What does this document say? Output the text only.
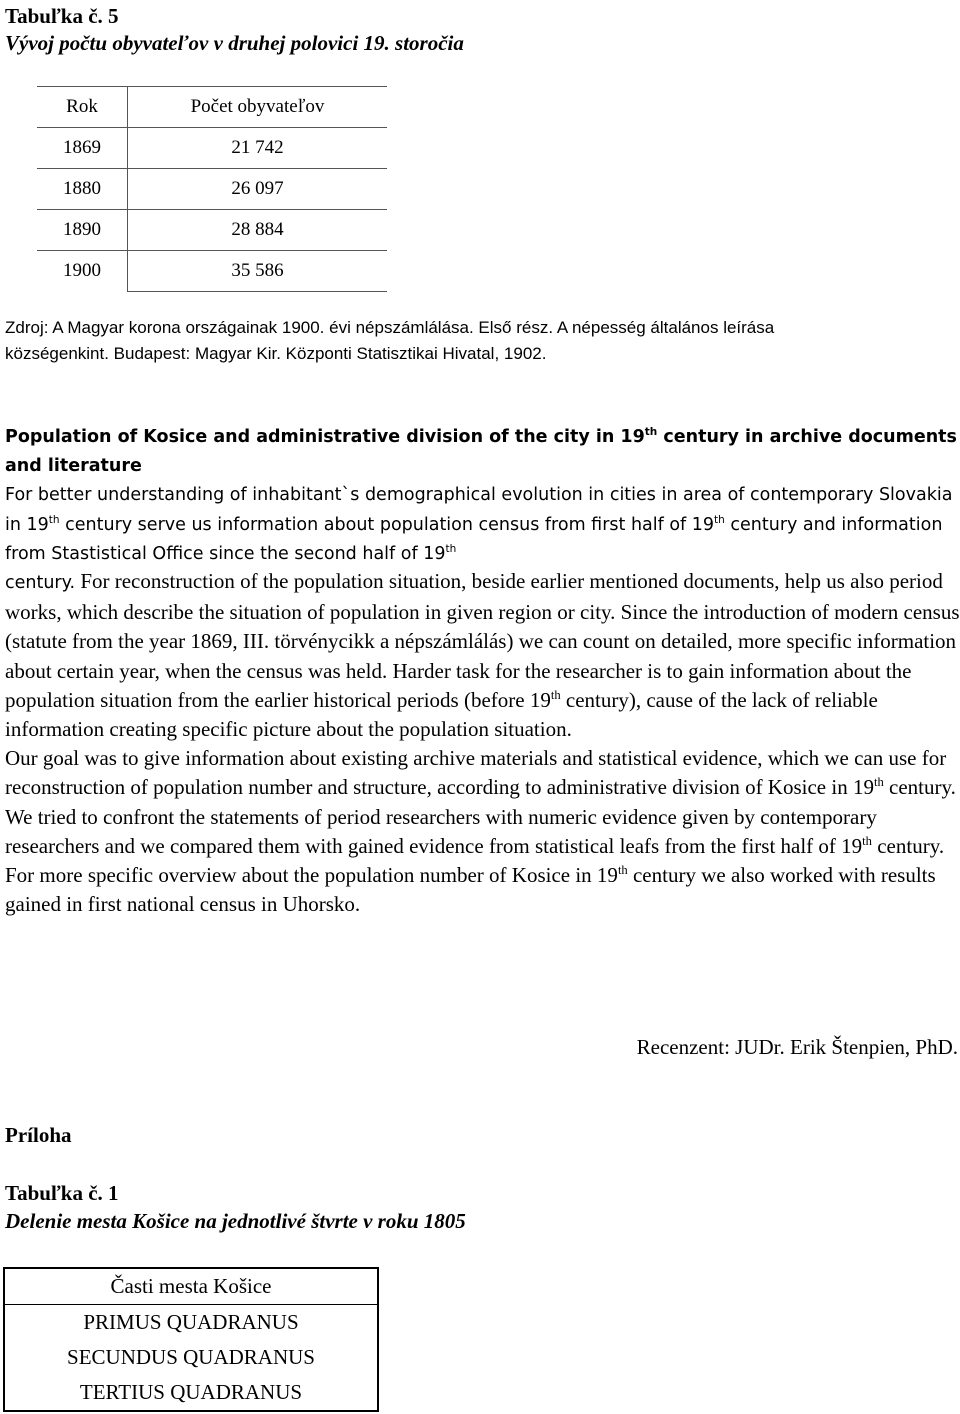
Tabuľka č. 5
Vývoj počtu obyvateľov v druhej polovici 19. storočia
Rok	Počet obyvateľov
1869	21 742
1880	26 097
1890	28 884
1900	35 586
Zdroj: A Magyar korona országainak 1900. évi népszámlálása. Első rész. A népesség általános leírása
községenkint. Budapest: Magyar Kir. Központi Statisztikai Hivatal, 1902.
Population of Kosice and administrative division of the city in 19th century in archive documents and literature
For better understanding of inhabitant`s demographical evolution in cities in area of contemporary Slovakia in 19th century serve us information about population census from first half of 19th century and information from Stastistical Office since the second half of 19th
century. For reconstruction of the population situation, beside earlier mentioned documents, help us also period works, which describe the situation of population in given region or city. Since the introduction of modern census (statute from the year 1869, III. törvénycikk a népszámlálás) we can count on detailed, more specific information about certain year, when the census was held. Harder task for the researcher is to gain information about the population situation from the earlier historical periods (before 19th century), cause of the lack of reliable information creating specific picture about the population situation.
Our goal was to give information about existing archive materials and statistical evidence, which we can use for reconstruction of population number and structure, according to administrative division of Kosice in 19th century. We tried to confront the statements of period researchers with numeric evidence given by contemporary researchers and we compared them with gained evidence from statistical leafs from the first half of 19th century. For more specific overview about the population number of Kosice in 19th century we also worked with results gained in first national census in Uhorsko.
Recenzent: JUDr. Erik Štenpien, PhD.
Príloha
Tabuľka č. 1
Delenie mesta Košice na jednotlivé štvrte v roku 1805
Časti mesta Košice
PRIMUS QUADRANUS
SECUNDUS QUADRANUS
TERTIUS QUADRANUS
